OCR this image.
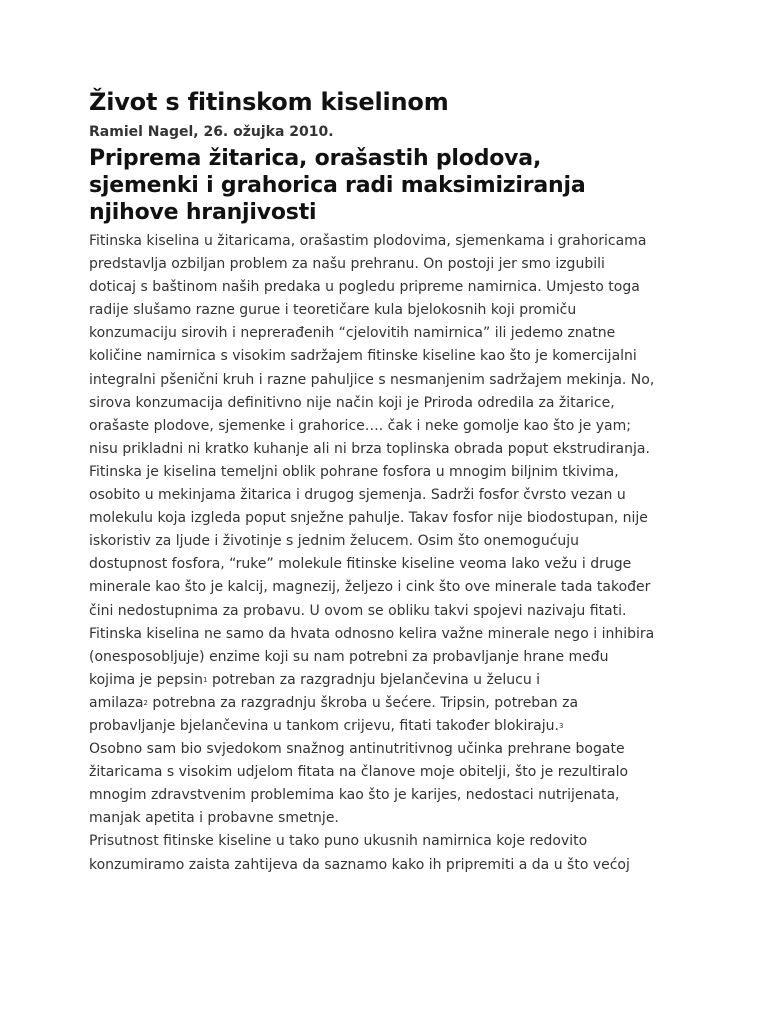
Život s fitinskom kiselinom
Ramiel Nagel, 26. ožujka 2010.
Priprema žitarica, orašastih plodova,
sjemenki i grahorica radi maksimiziranja
njihove hranjivosti
Fitinska kiselina u žitaricama, orašastim plodovima, sjemenkama i grahoricama
predstavlja ozbiljan problem za našu prehranu. On postoji jer smo izgubili
doticaj s baštinom naših predaka u pogledu pripreme namirnica. Umjesto toga
radije slušamo razne gurue i teoretičare kula bjelokosnih koji promiču
konzumaciju sirovih i neprerađenih “cjelovitih namirnica” ili jedemo znatne
količine namirnica s visokim sadržajem fitinske kiseline kao što je komercijalni
integralni pšenični kruh i razne pahuljice s nesmanjenim sadržajem mekinja. No,
sirova konzumacija definitivno nije način koji je Priroda odredila za žitarice,
orašaste plodove, sjemenke i grahorice…. čak i neke gomolje kao što je yam;
nisu prikladni ni kratko kuhanje ali ni brza toplinska obrada poput ekstrudiranja.
Fitinska je kiselina temeljni oblik pohrane fosfora u mnogim biljnim tkivima,
osobito u mekinjama žitarica i drugog sjemenja. Sadrži fosfor čvrsto vezan u
molekulu koja izgleda poput snježne pahulje. Takav fosfor nije biodostupan, nije
iskoristiv za ljude i životinje s jednim želucem. Osim što onemogućuju
dostupnost fosfora, “ruke” molekule fitinske kiseline veoma lako vežu i druge
minerale kao što je kalcij, magnezij, željezo i cink što ove minerale tada također
čini nedostupnima za probavu. U ovom se obliku takvi spojevi nazivaju fitati.
Fitinska kiselina ne samo da hvata odnosno kelira važne minerale nego i inhibira
(onesposobljuje) enzime koji su nam potrebni za probavljanje hrane među
kojima je pepsin1 potreban za razgradnju bjelančevina u želucu i
amilaza2 potrebna za razgradnju škroba u šećere. Tripsin, potreban za
probavljanje bjelančevina u tankom crijevu, fitati također blokiraju.3
Osobno sam bio svjedokom snažnog antinutritivnog učinka prehrane bogate
žitaricama s visokim udjelom fitata na članove moje obitelji, što je rezultiralo
mnogim zdravstvenim problemima kao što je karijes, nedostaci nutrijenata,
manjak apetita i probavne smetnje.
Prisutnost fitinske kiseline u tako puno ukusnih namirnica koje redovito
konzumiramo zaista zahtijeva da saznamo kako ih pripremiti a da u što većoj
